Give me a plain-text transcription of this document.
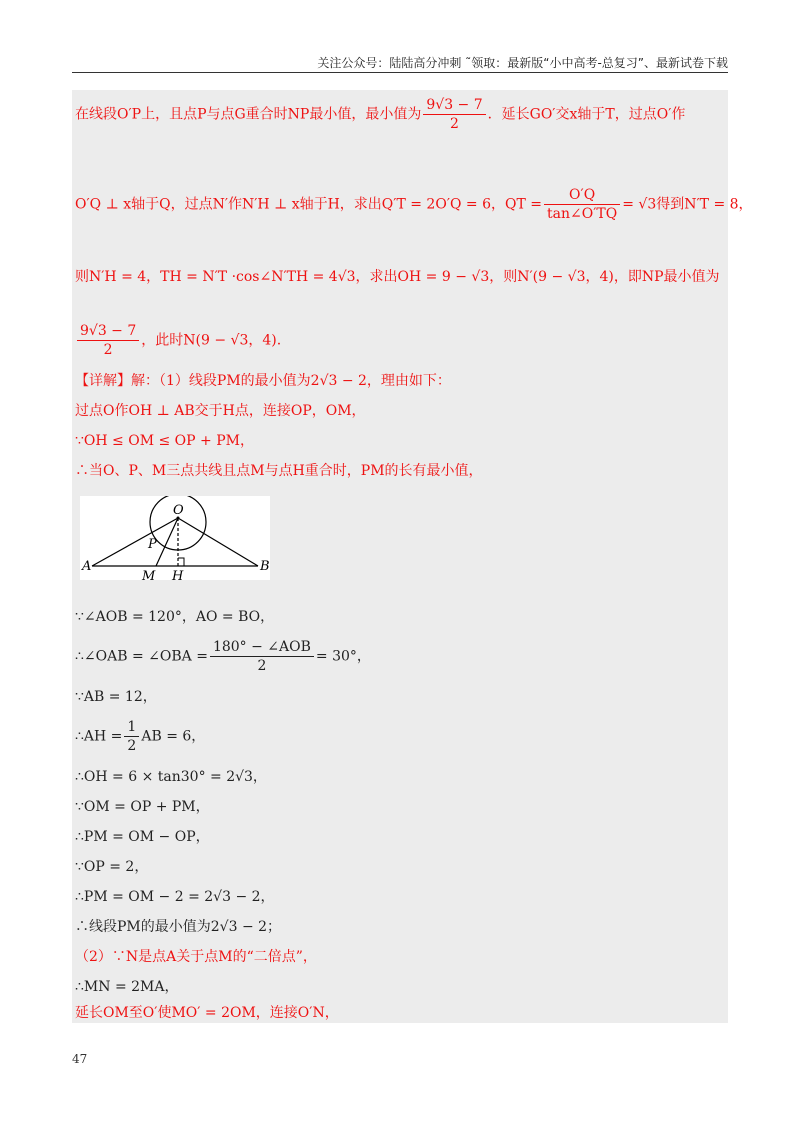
关注公众号：陆陆高分冲刺 ˜领取：最新版“小中高考-总复习”、最新试卷下载
在线段O′P上，且点P与点G重合时NP最小值，最小值为 $\frac{9√3 - 7}{2}$ ．延长GO′交x轴于T，过点O′作
O′Q ⊥ x轴于Q，过点N′作N′H ⊥ x轴于H，求出Q′T = 2O′Q = 6，QT = $\frac{O'Q}{\tan\angle O'TQ} = √3$得到N′T = 8，
则N′H = 4，TH = N′T ·cos∠N′TH = 4√3，求出OH = 9 − √3，则N′(9 − √3，4)，即NP最小值为
$\frac{9√3 - 7}{2}$ ，此时N(9 − √3，4).
【详解】解：（1）线段PM的最小值为2√3 − 2，理由如下：
过点O作OH ⊥ AB交于H点，连接OP，OM，
∵OH ≤ OM ≤ OP + PM，
∴当O、P、M三点共线且点M与点H重合时，PM的长有最小值，
O
P
A	B
M H
∵∠AOB = 120°，AO = BO，
∴∠OAB = ∠OBA = $\frac{\text{180° − ∠AOB}}{2} = 30^\circ$，
∵AB = 12，
∴AH = $\frac{1}{2}$ AB = 6，
∴OH = 6 × tan30° = 2√3，
∵OM = OP + PM，
∴PM = OM − OP，
∵OP = 2，
∴PM = OM − 2 = 2√3 − 2，
∴线段PM的最小值为2√3 − 2；
（2）∵N是点A关于点M的“二倍点”，
∴MN = 2MA，
延长OM至O′使MO′ = 2OM，连接O′N，
47
